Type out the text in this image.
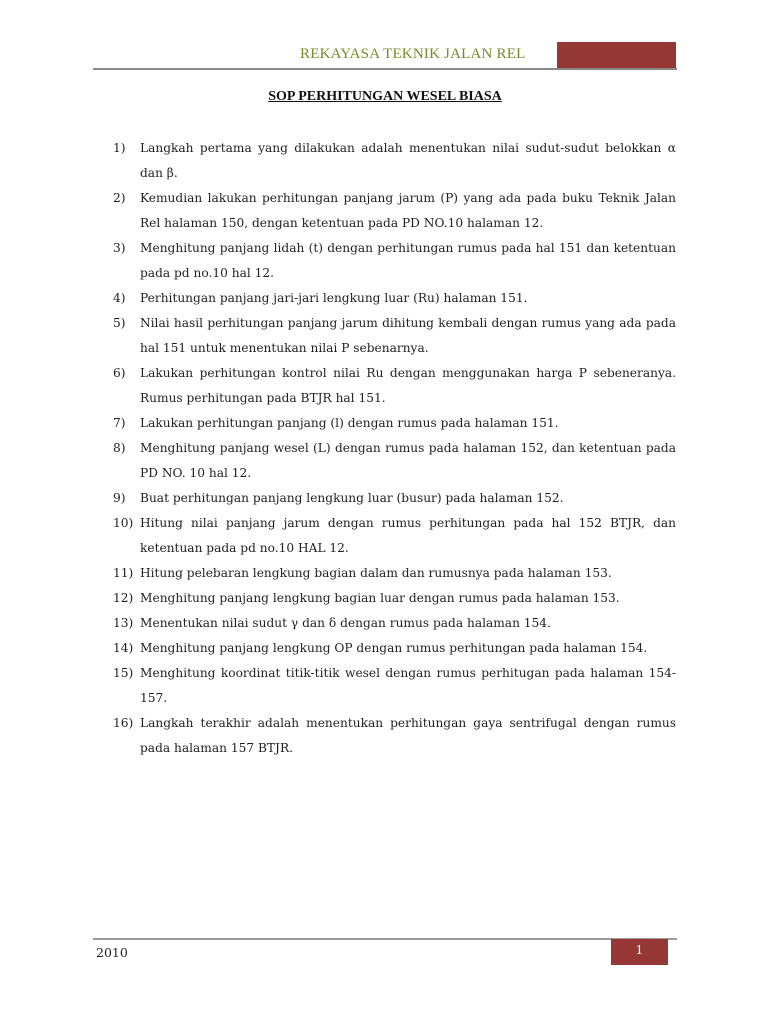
REKAYASA TEKNIK JALAN REL
SOP PERHITUNGAN WESEL BIASA
1) Langkah pertama yang dilakukan adalah menentukan nilai sudut-sudut belokkan α dan β.
2) Kemudian lakukan perhitungan panjang jarum (P) yang ada pada buku Teknik Jalan Rel halaman 150, dengan ketentuan pada PD NO.10 halaman 12.
3) Menghitung panjang lidah (t) dengan perhitungan rumus pada hal 151 dan ketentuan pada pd no.10 hal 12.
4) Perhitungan panjang jari-jari lengkung luar (Ru) halaman 151.
5) Nilai hasil perhitungan panjang jarum dihitung kembali dengan rumus yang ada pada hal 151 untuk menentukan nilai P sebenarnya.
6) Lakukan perhitungan kontrol nilai Ru dengan menggunakan harga P sebeneranya. Rumus perhitungan pada BTJR hal 151.
7) Lakukan perhitungan panjang (l) dengan rumus pada halaman 151.
8) Menghitung panjang wesel (L) dengan rumus pada halaman 152, dan ketentuan pada PD NO. 10 hal 12.
9) Buat perhitungan panjang lengkung luar (busur) pada halaman 152.
10) Hitung nilai panjang jarum dengan rumus perhitungan pada hal 152 BTJR, dan ketentuan pada pd no.10 HAL 12.
11) Hitung pelebaran lengkung bagian dalam dan rumusnya pada halaman 153.
12) Menghitung panjang lengkung bagian luar dengan rumus pada halaman 153.
13) Menentukan nilai sudut γ dan δ dengan rumus pada halaman 154.
14) Menghitung panjang lengkung OP dengan rumus perhitungan pada halaman 154.
15) Menghitung koordinat titik-titik wesel dengan rumus perhitugan pada halaman 154-157.
16) Langkah terakhir adalah menentukan perhitungan gaya sentrifugal dengan rumus pada halaman 157 BTJR.
2010	1
